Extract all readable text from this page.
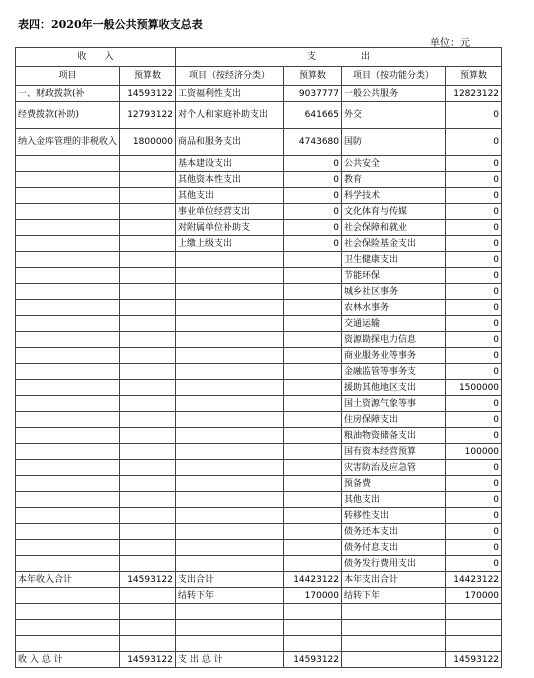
表四：2020年一般公共预算收支总表
单位：元
收　　入		支　　　　　出			
项目	预算数	项目（按经济分类）	预算数	项目（按功能分类）	预算数
一、财政拨款(补	14593122	工资福利性支出	9037777	一般公共服务	12823122
经费拨款(补助)	12793122	对个人和家庭补助支出	641665	外交	0
纳入金库管理的非税收入	1800000	商品和服务支出	4743680	国防	0
		基本建设支出	0	公共安全	0
		其他资本性支出	0	教育	0
		其他支出	0	科学技术	0
		事业单位经营支出	0	文化体育与传媒	0
		对附属单位补助支	0	社会保障和就业	0
		上缴上级支出	0	社会保险基金支出	0
				卫生健康支出	0
				节能环保	0
				城乡社区事务	0
				农林水事务	0
				交通运输	0
				资源勘探电力信息	0
				商业服务业等事务	0
				金融监管等事务支	0
				援助其他地区支出	1500000
				国土资源气象等事	0
				住房保障支出	0
				粮油物资储备支出	0
				国有资本经营预算	100000
				灾害防治及应急管	0
				预备费	0
				其他支出	0
				转移性支出	0
				债务还本支出	0
				债务付息支出	0
				债务发行费用支出	0
本年收入合计	14593122	支出合计	14423122	本年支出合计	14423122
		结转下年	170000	结转下年	170000

收 入 总 计	14593122	支 出 总 计	14593122		14593122
